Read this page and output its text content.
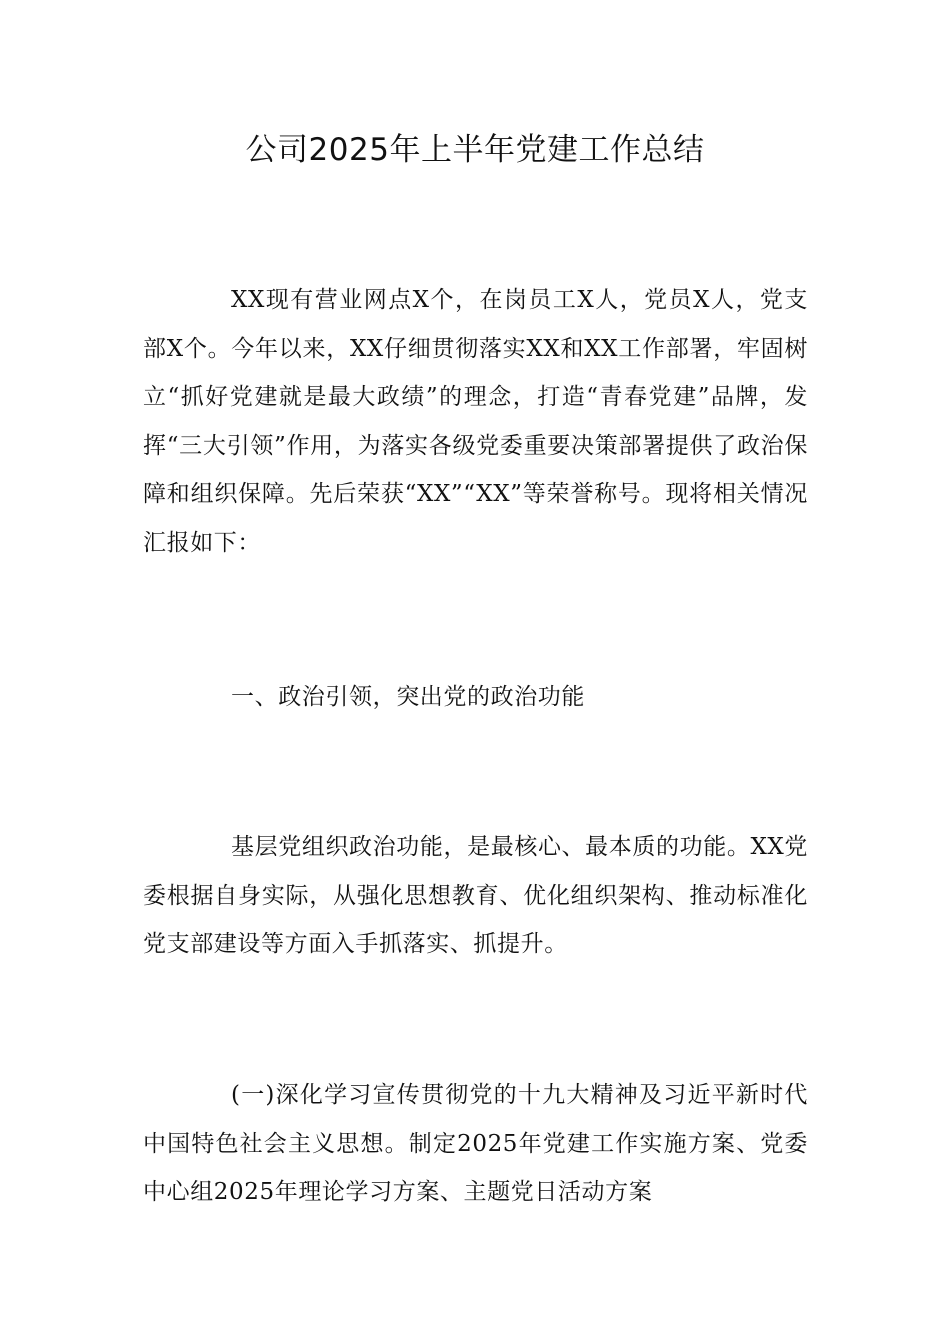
公司2025年上半年党建工作总结
XX现有营业网点X个，在岗员工X人，党员X人，党支部X个。今年以来，XX仔细贯彻落实XX和XX工作部署，牢固树立“抓好党建就是最大政绩”的理念，打造“青春党建”品牌，发挥“三大引领”作用，为落实各级党委重要决策部署提供了政治保障和组织保障。先后荣获“XX”“XX”等荣誉称号。现将相关情况汇报如下：
一、政治引领，突出党的政治功能
基层党组织政治功能，是最核心、最本质的功能。XX党委根据自身实际，从强化思想教育、优化组织架构、推动标准化党支部建设等方面入手抓落实、抓提升。
(一)深化学习宣传贯彻党的十九大精神及习近平新时代中国特色社会主义思想。制定2025年党建工作实施方案、党委中心组2025年理论学习方案、主题党日活动方案
